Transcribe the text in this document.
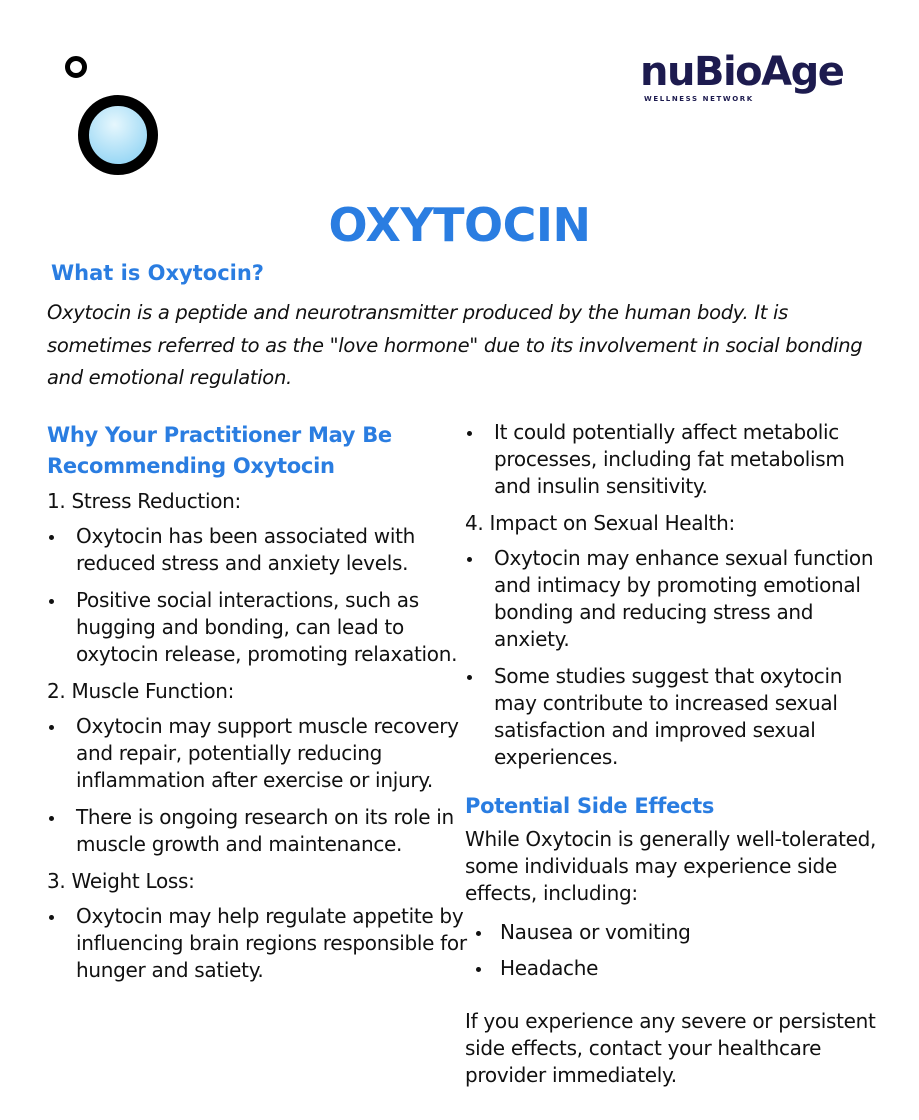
nuBioAge
WELLNESS NETWORK
OXYTOCIN
What is Oxytocin?

Oxytocin is a peptide and neurotransmitter produced by the human body. It is sometimes referred to as the "love hormone" due to its involvement in social bonding and emotional regulation.

Why Your Practitioner May Be Recommending Oxytocin

1. Stress Reduction:

Oxytocin has been associated with reduced stress and anxiety levels.
Positive social interactions, such as hugging and bonding, can lead to oxytocin release, promoting relaxation.

2. Muscle Function:

Oxytocin may support muscle recovery and repair, potentially reducing inflammation after exercise or injury.
There is ongoing research on its role in muscle growth and maintenance.

3. Weight Loss:

Oxytocin may help regulate appetite by influencing brain regions responsible for hunger and satiety.
It could potentially affect metabolic processes, including fat metabolism and insulin sensitivity.

4. Impact on Sexual Health:

Oxytocin may enhance sexual function and intimacy by promoting emotional bonding and reducing stress and anxiety.
Some studies suggest that oxytocin may contribute to increased sexual satisfaction and improved sexual experiences.
Potential Side Effects

While Oxytocin is generally well-tolerated, some individuals may experience side effects, including:

Nausea or vomiting
Headache

If you experience any severe or persistent side effects, contact your healthcare provider immediately.
